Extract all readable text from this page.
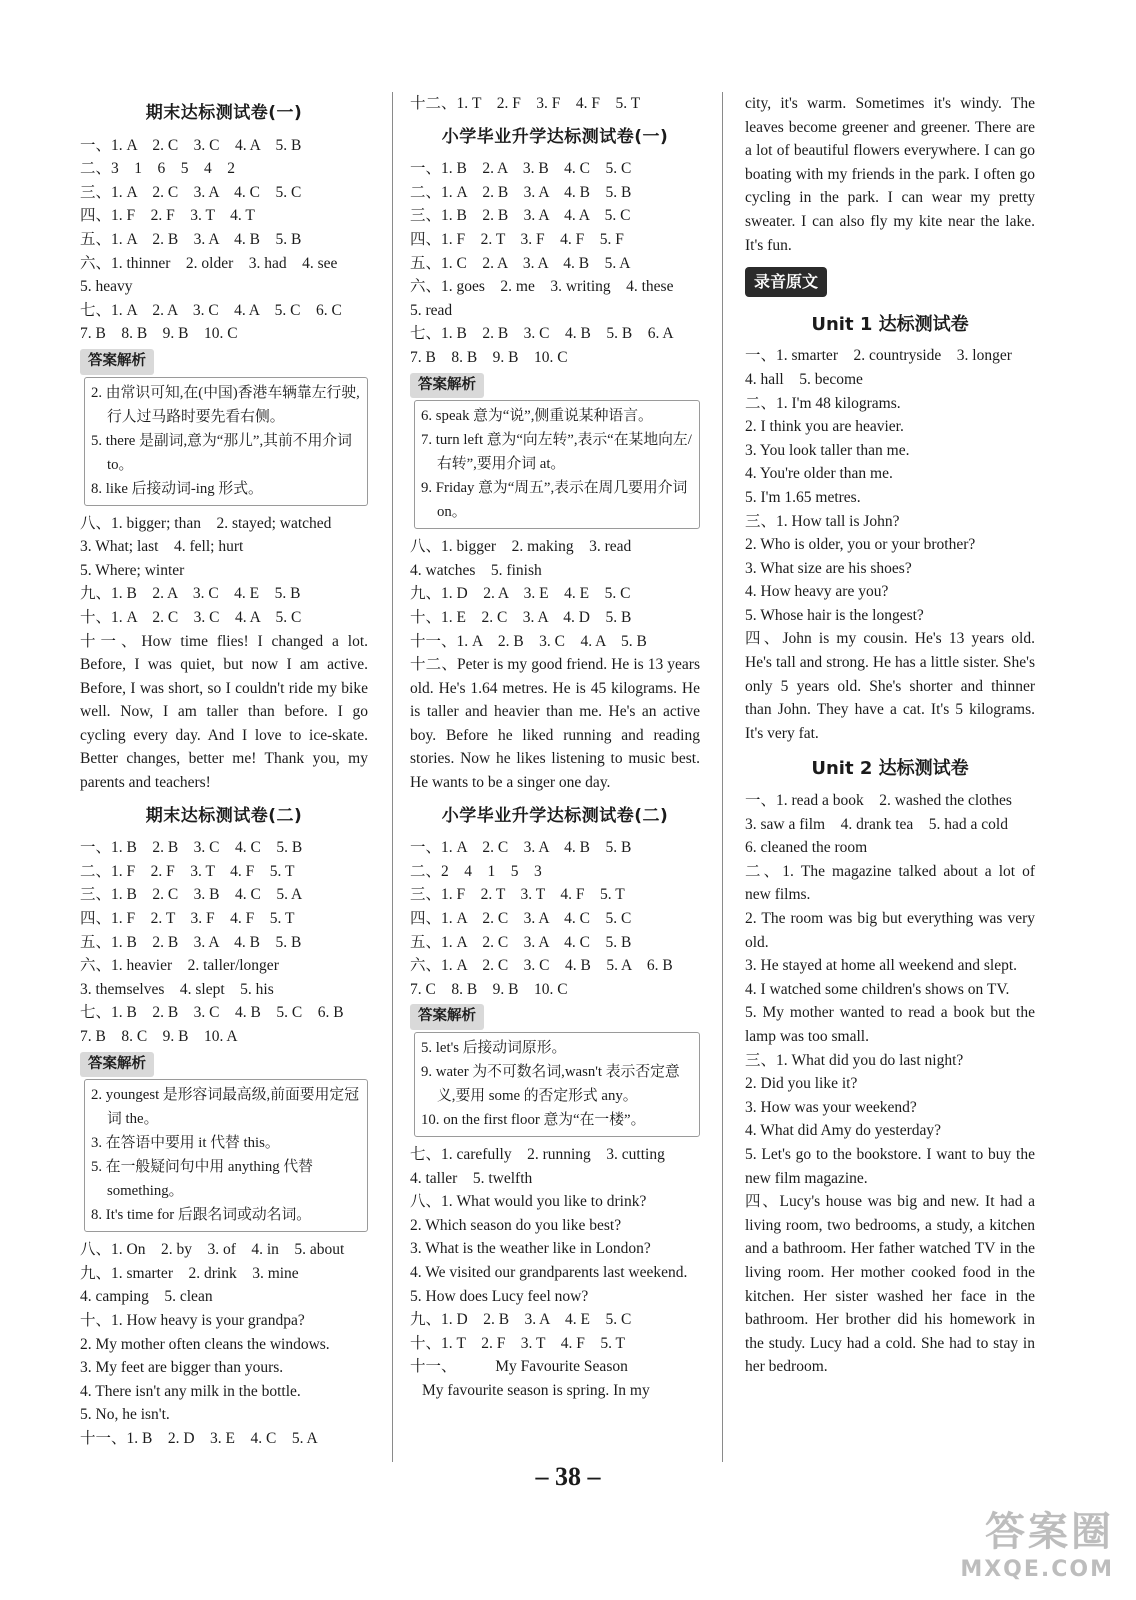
期末达标测试卷(一)
一、1. A　2. C　3. C　4. A　5. B
二、3　1　6　5　4　2
三、1. A　2. C　3. A　4. C　5. C
四、1. F　2. F　3. T　4. T
五、1. A　2. B　3. A　4. B　5. B
六、1. thinner　2. older　3. had　4. see
5. heavy
七、1. A　2. A　3. C　4. A　5. C　6. C
7. B　8. B　9. B　10. C
答案解析
2. 由常识可知,在(中国)香港车辆靠左行驶,行人过马路时要先看右侧。
5. there 是副词,意为“那儿”,其前不用介词 to。
8. like 后接动词-ing 形式。
八、1. bigger; than　2. stayed; watched
3. What; last　4. fell; hurt
5. Where; winter
九、1. B　2. A　3. C　4. E　5. B
十、1. A　2. C　3. C　4. A　5. C
十一、How time flies! I changed a lot. Before, I was quiet, but now I am active. Before, I was short, so I couldn't ride my bike well. Now, I am taller than before. I go cycling every day. And I love to ice-skate. Better changes, better me! Thank you, my parents and teachers!
期末达标测试卷(二)
一、1. B　2. B　3. C　4. C　5. B
二、1. F　2. F　3. T　4. F　5. T
三、1. B　2. C　3. B　4. C　5. A
四、1. F　2. T　3. F　4. F　5. T
五、1. B　2. B　3. A　4. B　5. B
六、1. heavier　2. taller/longer
3. themselves　4. slept　5. his
七、1. B　2. B　3. C　4. B　5. C　6. B
7. B　8. C　9. B　10. A
答案解析
2. youngest 是形容词最高级,前面要用定冠词 the。
3. 在答语中要用 it 代替 this。
5. 在一般疑问句中用 anything 代替 something。
8. It's time for 后跟名词或动名词。
八、1. On　2. by　3. of　4. in　5. about
九、1. smarter　2. drink　3. mine
4. camping　5. clean
十、1. How heavy is your grandpa?
2. My mother often cleans the windows.
3. My feet are bigger than yours.
4. There isn't any milk in the bottle.
5. No, he isn't.
十一、1. B　2. D　3. E　4. C　5. A
十二、1. T　2. F　3. F　4. F　5. T
小学毕业升学达标测试卷(一)
一、1. B　2. A　3. B　4. C　5. C
二、1. A　2. B　3. A　4. B　5. B
三、1. B　2. B　3. A　4. A　5. C
四、1. F　2. T　3. F　4. F　5. F
五、1. C　2. A　3. A　4. B　5. A
六、1. goes　2. me　3. writing　4. these
5. read
七、1. B　2. B　3. C　4. B　5. B　6. A
7. B　8. B　9. B　10. C
答案解析
6. speak 意为“说”,侧重说某种语言。
7. turn left 意为“向左转”,表示“在某地向左/右转”,要用介词 at。
9. Friday 意为“周五”,表示在周几要用介词 on。
八、1. bigger　2. making　3. read
4. watches　5. finish
九、1. D　2. A　3. E　4. E　5. C
十、1. E　2. C　3. A　4. D　5. B
十一、1. A　2. B　3. C　4. A　5. B
十二、Peter is my good friend. He is 13 years old. He's 1.64 metres. He is 45 kilograms. He is taller and heavier than me. He's an active boy. Before he liked running and reading stories. Now he likes listening to music best. He wants to be a singer one day.
小学毕业升学达标测试卷(二)
一、1. A　2. C　3. A　4. B　5. B
二、2　4　1　5　3
三、1. F　2. T　3. T　4. F　5. T
四、1. A　2. C　3. A　4. C　5. C
五、1. A　2. C　3. A　4. C　5. B
六、1. A　2. C　3. C　4. B　5. A　6. B
7. C　8. B　9. B　10. C
答案解析
5. let's 后接动词原形。
9. water 为不可数名词,wasn't 表示否定意义,要用 some 的否定形式 any。
10. on the first floor 意为“在一楼”。
七、1. carefully　2. running　3. cutting
4. taller　5. twelfth
八、1. What would you like to drink?
2. Which season do you like best?
3. What is the weather like in London?
4. We visited our grandparents last weekend.
5. How does Lucy feel now?
九、1. D　2. B　3. A　4. E　5. C
十、1. T　2. F　3. T　4. F　5. T
十一、　　　My Favourite Season
My favourite season is spring. In my
city, it's warm. Sometimes it's windy. The leaves become greener and greener. There are a lot of beautiful flowers everywhere. I can go boating with my friends in the park. I often go cycling in the park. I can wear my pretty sweater. I can also fly my kite near the lake. It's fun.
录音原文
Unit 1 达标测试卷
一、1. smarter　2. countryside　3. longer
4. hall　5. become
二、1. I'm 48 kilograms.
2. I think you are heavier.
3. You look taller than me.
4. You're older than me.
5. I'm 1.65 metres.
三、1. How tall is John?
2. Who is older, you or your brother?
3. What size are his shoes?
4. How heavy are you?
5. Whose hair is the longest?
四、John is my cousin. He's 13 years old. He's tall and strong. He has a little sister. She's only 5 years old. She's shorter and thinner than John. They have a cat. It's 5 kilograms. It's very fat.
Unit 2 达标测试卷
一、1. read a book　2. washed the clothes
3. saw a film　4. drank tea　5. had a cold
6. cleaned the room
二、1. The magazine talked about a lot of new films.
2. The room was big but everything was very old.
3. He stayed at home all weekend and slept.
4. I watched some children's shows on TV.
5. My mother wanted to read a book but the lamp was too small.
三、1. What did you do last night?
2. Did you like it?
3. How was your weekend?
4. What did Amy do yesterday?
5. Let's go to the bookstore. I want to buy the new film magazine.
四、Lucy's house was big and new. It had a living room, two bedrooms, a study, a kitchen and a bathroom. Her father watched TV in the living room. Her mother cooked food in the kitchen. Her sister washed her face in the bathroom. Her brother did his homework in the study. Lucy had a cold. She had to stay in her bedroom.
– 38 –
答案圈
MXQE.COM
